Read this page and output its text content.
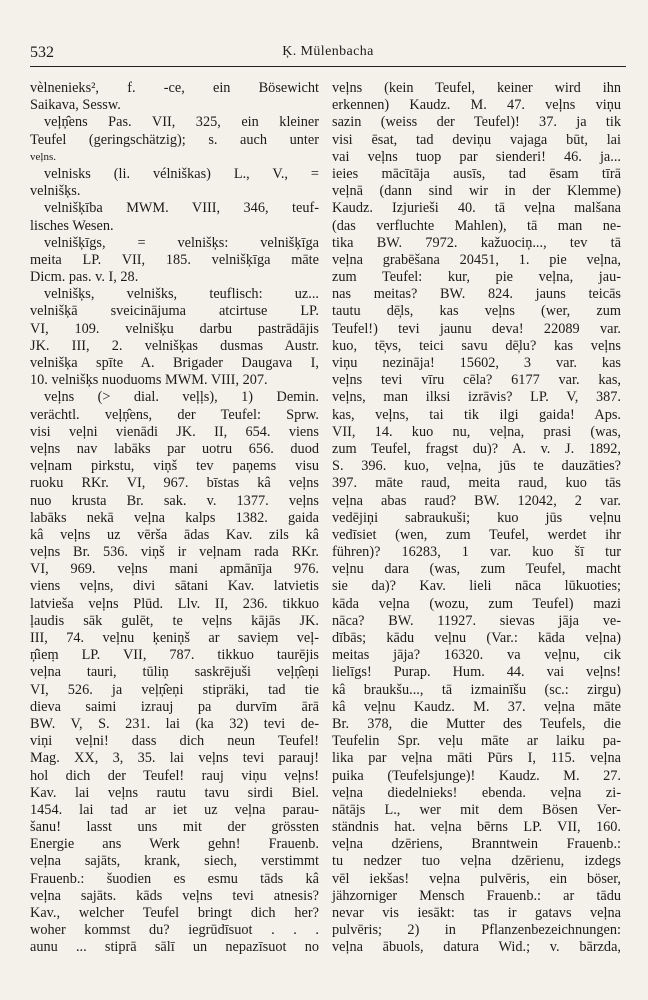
532	Ķ. Mülenbacha
vèlnenieks², f. -ce, ein Bösewicht
Saikava, Sessw.
veļņ̂ens Pas. VII, 325, ein kleiner
Teufel (geringschätzig); s. auch unter
veļns.
velnisks (li. vélniškas) L., V., =
velnišķs.
velnišķība MWM. VIII, 346, teuf-
lisches Wesen.
velnišķīgs, = velnišķs: velnišķīga
meita LP. VII, 185. velnišķīga māte
Dicm. pas. v. I, 28.
velnišķs, velnišks, teuflisch: uz...
velnišķā sveicinājuma atcirtuse LP.
VI, 109. velnišķu darbu pastrādājis
JK. III, 2. velnišķas dusmas Austr.
velnišķa spīte A. Brigader Daugava I,
10. velnišķs nuoduoms MWM. VIII, 207.
veļns (> dial. veļļs), 1) Demin.
verächtl. veļņ̂ens, der Teufel: Sprw.
visi veļni vienādi JK. II, 654. viens
veļns nav labāks par uotru 656. duod
veļnam pirkstu, viņš tev paņems visu
ruoku RKr. VI, 967. bīstas kâ veļns
nuo krusta Br. sak. v. 1377. veļns
labāks nekā veļna kalps 1382. gaida
kâ veļns uz vērša ādas Kav. zils kâ
veļns Br. 536. viņš ir veļnam rada RKr.
VI, 969. veļns mani apmānīja 976.
viens veļns, divi sātani Kav. latvietis
latvieša veļns Plūd. Llv. II, 236. tikkuo
ļaudis sāk gulēt, te veļns kājās JK.
III, 74. veļnu ķeniņš ar savie̦m veļ-
ņ̂ieṃ LP. VII, 787. tikkuo taurējis
veļna tauri, tūliņ saskrējuši veļņ̂eņi
VI, 526. ja veļņ̂eņi stipräki, tad tie
dieva saimi izrauj pa durvīm ārā
BW. V, S. 231. lai (ka 32) tevi de-
viņi veļni! dass dich neun Teufel!
Mag. XX, 3, 35. lai veļns tevi parauj!
hol dich der Teufel! rauj viņu veļns!
Kav. lai veļns rautu tavu sirdi Biel.
1454. lai tad ar iet uz veļna parau-
šanu! lasst uns mit der grössten
Energie ans Werk gehn! Frauenb.
veļna sajāts, krank, siech, verstimmt
Frauenb.: šuodien es esmu tāds kâ
veļna sajāts. kāds veļns tevi atnesis?
Kav., welcher Teufel bringt dich her?
woher kommst du? iegrūdīsuot . . .
aunu ... stiprā sālī un nepazīsuot no
veļns (kein Teufel, keiner wird ihn
erkennen) Kaudz. M. 47. veļns viņu
sazin (weiss der Teufel)! 37. ja tik
visi ēsat, tad deviņu vajaga būt, lai
vai veļns tuop par sienderi! 46. ja...
ieies mācītāja ausīs, tad ēsam tīrā
veļnā (dann sind wir in der Klemme)
Kaudz. Izjurieši 40. tā veļna malšana
(das verfluchte Mahlen), tā man ne-
tika BW. 7972. kažuociņ..., tev tā
veļna grabēšana 20451, 1. pie veļna,
zum Teufel: kur, pie veļna, jau-
nas meitas? BW. 824. jauns teicās
tautu dē̦ls, kas veļns (wer, zum
Teufel!) tevi jaunu deva! 22089 var.
kuo, tē̦vs, teici savu dē̦lu? kas veļns
viņu nezināja! 15602, 3 var. kas
veļns tevi vīru cēla? 6177 var. kas,
veļns, man ilksi izrāvis? LP. V, 387.
kas, veļns, tai tik ilgi gaida! Aps.
VII, 14. kuo nu, veļna, prasi (was,
zum Teufel, fragst du)? A. v. J. 1892,
S. 396. kuo, veļna, jūs te dauzāties?
397. māte raud, meita raud, kuo tās
veļna abas raud? BW. 12042, 2 var.
vedējiņi sabraukuši; kuo jūs veļnu
vedīsiet (wen, zum Teufel, werdet ihr
führen)? 16283, 1 var. kuo šī tur
veļnu dara (was, zum Teufel, macht
sie da)? Kav. lieli nāca lūkuoties;
kāda veļna (wozu, zum Teufel) mazi
nāca? BW. 11927. sievas jāja ve-
dībās; kādu veļnu (Var.: kāda veļna)
meitas jāja? 16320. va veļnu, cik
lielīgs! Purap. Hum. 44. vai veļns!
kâ braukšu..., tā izmainīšu (sc.: zirgu)
kâ veļnu Kaudz. M. 37. veļna māte
Br. 378, die Mutter des Teufels, die
Teufelin Spr. veļu māte ar laiku pa-
lika par veļna māti Pūrs I, 115. veļna
puika (Teufelsjunge)! Kaudz. M. 27.
veļna diedelnieks! ebenda. veļna zi-
nātājs L., wer mit dem Bösen Ver-
ständnis hat. veļna bērns LP. VII, 160.
veļna dzēriens, Branntwein Frauenb.:
tu nedzer tuo veļna dzērienu, izdegs
vēl iekšas! veļna pulvēris, ein böser,
jähzorniger Mensch Frauenb.: ar tādu
nevar vis iesākt: tas ir gatavs veļna
pulvēris; 2) in Pflanzenbezeichnungen:
veļna ābuols, datura Wid.; v. bārzda,
